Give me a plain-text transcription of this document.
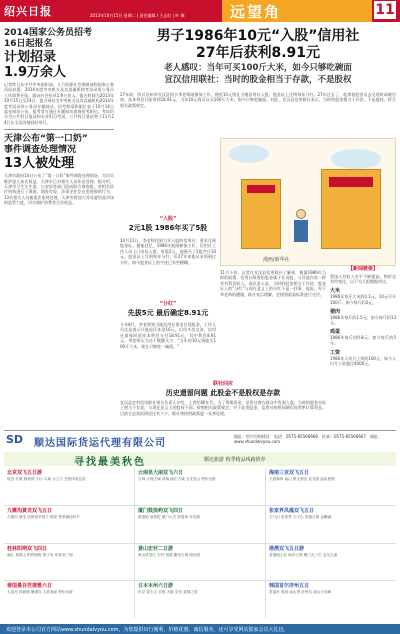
绍兴日报	2013年10月15日 星期二 | 责任编辑 / 王志红 | 叶 琳	远望角	11
2014国家公务员招考
16日起报名
计划招录
1.9万余人
记者昨日从中共中央组织部、人力资源社会保障部和国家公务员局获悉，2014年度中央机关及其直属机构考试录用公务员工作即将开始，面向社会招录1.9万余人。报名时间为2013年10月15日至24日，报名网站为中央机关及其直属机构2014年度考试录用公务员专题网站。招考简章和职位表于10月14日起在网站公布。报考者可通过专题网站查询招考职位。考试仍分为公共科目笔试和专业科目考试，公共科目笔试将于11月24日在全国各地同时举行。
天津公布“第一口奶”
事件调查处理情况
13人被处理
天津市政府14日公布了“第一口奶”事件调查处理情况，为切实维护患儿家长权益，天津市已对相关人员作出处理。据介绍，天津市卫生计生委、公安局等部门组成联合调查组，对相关医疗机构进行了调查。调查发现，涉事企业存在违规推销行为，13名相关人员被依法依规处理。天津市将加大对母婴用品市场的监管力度，切实保护消费者合法权益。
男子1986年10元“入股”信用社
27年后获利8.91元
老人感叹：当年可买100斤大米，如今只够吃碗面
宣汉信用联社：当时的股金相当于存款，不是股权
27年前，四川达州市宣汉县的小李老师刚参加工作，便花10元钱在当地信用社入股，股金证上注明每年分红。27年过去了，他拿着股金证去兑现时却被告知，连本带息只能拿到18.91元，当年10元钱可以买100斤大米，如今只够吃碗面。对此，宣汉县信用联社表示，当时的股金相当于存款，不是股权，符合相关政策规定。
漫画/新华社
“入股”
2元1股 1986年买了5股
10月11日，李老师找到当年入股的信用社，要求兑现股金证。据他回忆，1986年他刚参加工作，信用社工作人员上门动员入股，每股2元，他便买了5股共计10元。股金证上写明每年分红，但27年来他从未领到过分红。如今股金证上的字迹已有些模糊。
“分红”
先拔5元 最后确定8.91元
今年8月，李老师到当地信用社要求兑现股金，工作人员先是表示只能退还本金10元，后经多次交涉，信用社最终同意连本带息支付18.91元，其中利息8.91元。李老师认为这个数额太少，“当年的10元钱能买100斤大米，现在只够吃一碗面。”
11月下旬，记者在宣汉县信用联社了解到，根据1986年当时的政策，信用社吸收的股金属于社员股，与其他存款一样享有利息收入。该负责人说，当时的股金相当于存款，股金证上的“分红”与现在意义上的分红不是一回事。他说，对于李老师的遭遇，联社表示理解，会按照最高标准进行兑付。
联社回应
历史遗留问题 此股金不是股权是存款
宣汉县农村信用联社相关负责人介绍，上世纪80年代，为了筹集资金，信用社曾在群众中发展入股，当时的股金实际上相当于存款，与现在意义上的股权不同。按照相关政策规定，对于此类股金，信用社按照同期存款利率计算利息。目前全县类似情况还有不少，联社将按照政策逐一妥善处理。
【新闻链接】
我国人均收入水平不断提高，物价也有所变化，以下为几组数据对比。
大米
1986年每斤大米约0.1元，10元可买100斤；如今每斤约2元。
猪肉
1986年每斤约1.5元；如今每斤约13元。
鸡蛋
1986年每斤约0.8元；如今每斤约5元。
工资
1986年人均月工资约100元；如今人均月工资超过4000元。
SD 顺达国际货运代理有限公司
地址：绍兴市柯桥区　电话：0575-85566666　传真：0575-85566667　网址：www.shundalvyou.com
寻找最美秋色	顺达旅游 秋季精品线路推荐
北京双飞五日游
故宫 长城 颐和园 天坛 鸟巢 水立方 全程四星住宿
云南昆大丽双飞六日
石林 大理古城 洱海 丽江古城 玉龙雪山 特价出游
海南三亚双飞五日
天涯海角 南山 蜈支洲岛 亚龙湾 温泉度假
九寨沟黄龙双飞五日
九寨沟 黄龙 成都宽窄巷子 锦里 秋季最佳时节
厦门鼓浪屿双飞四日
鼓浪屿 南普陀 厦门大学 曾厝垵 环岛路
张家界凤凰双飞五日
天门山 袁家界 天子山 凤凰古城 金鞭溪
桂林阳朔双飞四日
漓江 象鼻山 阳朔西街 银子岩 印象刘三姐
黄山宏村二日游
黄山风景区 宏村 西递 徽州古城 纯玩团
港澳双飞五日游
香港迪士尼 海洋公园 澳门大三巴 金光大道
泰国曼谷芭提雅六日
大皇宫 四面佛 珊瑚岛 人妖表演 特价出游
日本本州六日游
东京 富士山 京都 大阪 奈良 赏枫之旅
韩国首尔济州五日
景福宫 明洞 南山塔 济州岛 城山日出峰
欢迎登录本公司官方网站www.shundalvyou.com，为您提供出行便利，价格优惠，诚信服务，还可享受网站独家会员大礼包。
